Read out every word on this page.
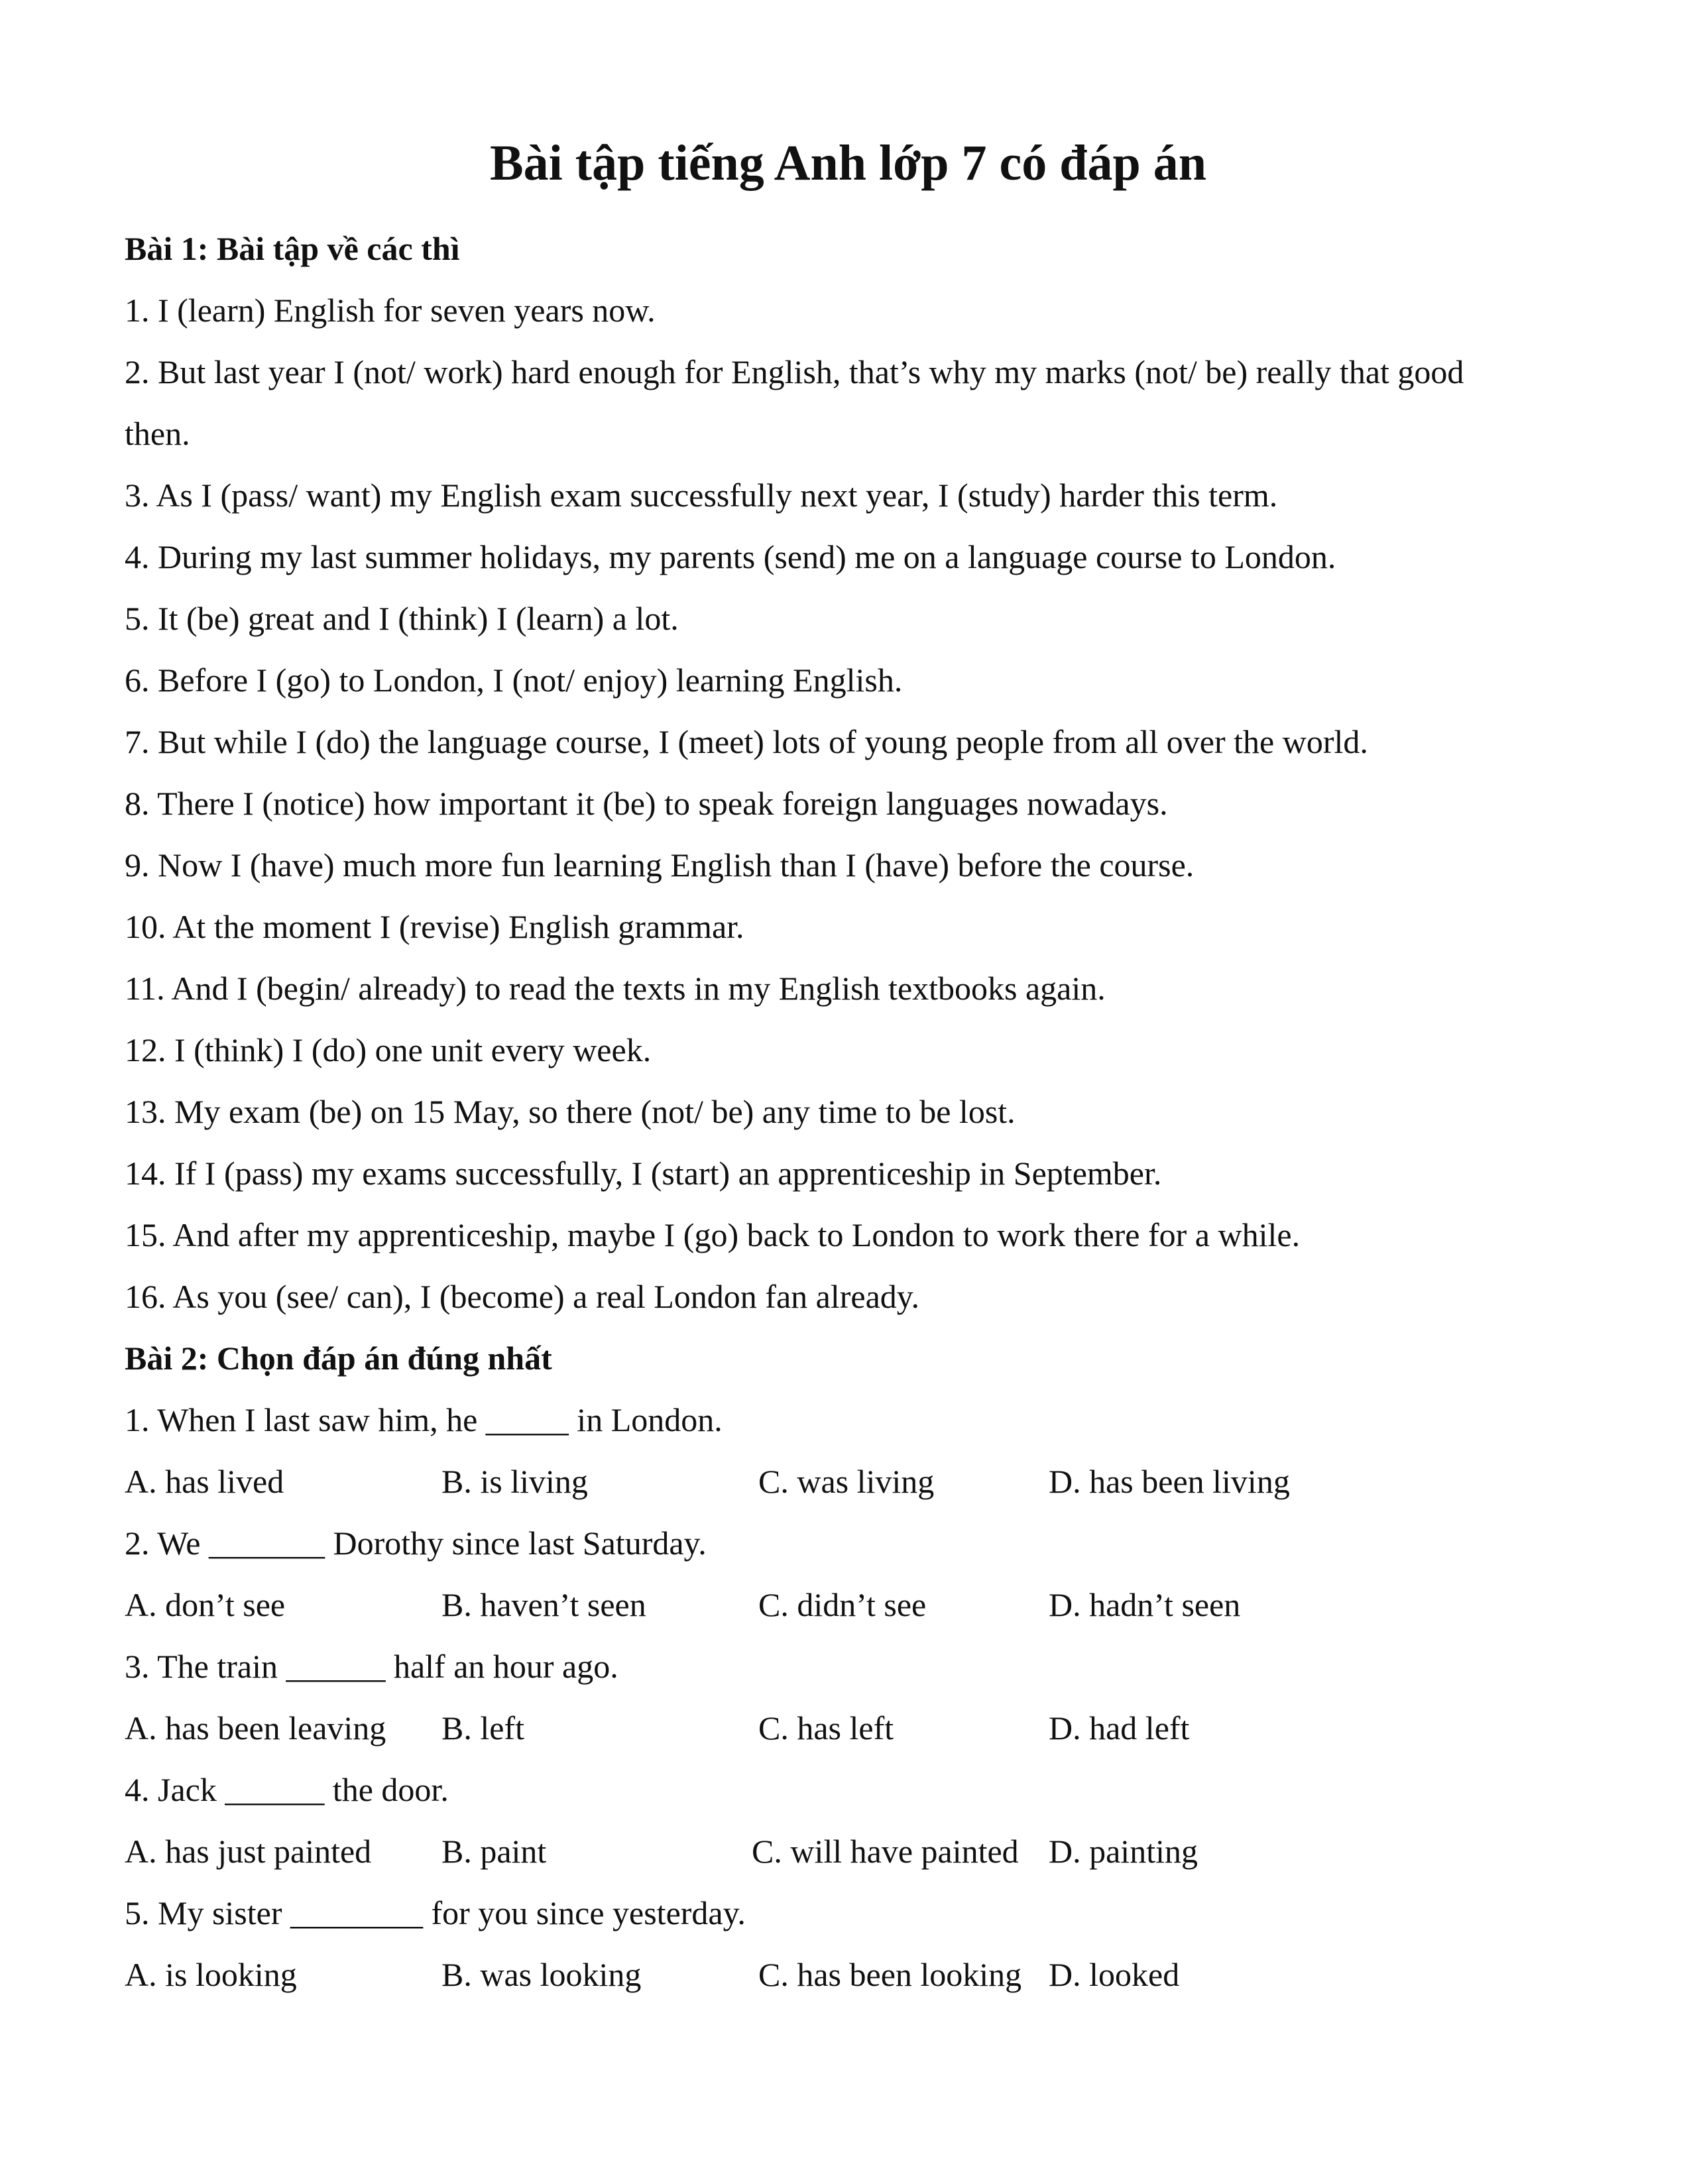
Bài tập tiếng Anh lớp 7 có đáp án
Bài 1: Bài tập về các thì
1. I (learn) English for seven years now.
2. But last year I (not/ work) hard enough for English, that’s why my marks (not/ be) really that good
then.
3. As I (pass/ want) my English exam successfully next year, I (study) harder this term.
4. During my last summer holidays, my parents (send) me on a language course to London.
5. It (be) great and I (think) I (learn) a lot.
6. Before I (go) to London, I (not/ enjoy) learning English.
7. But while I (do) the language course, I (meet) lots of young people from all over the world.
8. There I (notice) how important it (be) to speak foreign languages nowadays.
9. Now I (have) much more fun learning English than I (have) before the course.
10. At the moment I (revise) English grammar.
11. And I (begin/ already) to read the texts in my English textbooks again.
12. I (think) I (do) one unit every week.
13. My exam (be) on 15 May, so there (not/ be) any time to be lost.
14. If I (pass) my exams successfully, I (start) an apprenticeship in September.
15. And after my apprenticeship, maybe I (go) back to London to work there for a while.
16. As you (see/ can), I (become) a real London fan already.
Bài 2: Chọn đáp án đúng nhất
1. When I last saw him, he _____ in London.
A. has lived	B. is living	C. was living	D. has been living
2. We _______ Dorothy since last Saturday.
A. don’t see	B. haven’t seen	C. didn’t see	D. hadn’t seen
3. The train ______ half an hour ago.
A. has been leaving B. left	C. has left	D. had left
4. Jack ______ the door.
A. has just painted B. paint	C. will have painted D. painting
5. My sister ________ for you since yesterday.
A. is looking	B. was looking	C. has been looking D. looked
